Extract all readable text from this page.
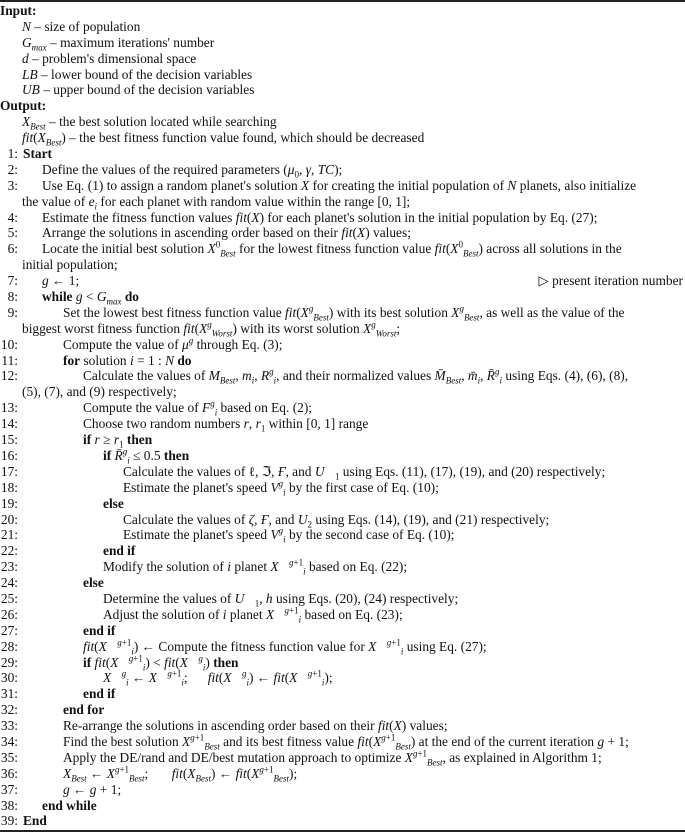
Input:
N – size of population
$G_{max}$ – maximum iterations' number
d – problem's dimensional space
LB – lower bound of the decision variables
UB – upper bound of the decision variables
Output:
$X_{Best}$ – the best solution located while searching
$fit(X_{Best})$ – the best fitness function value found, which should be decreased
1: Start
2: Define the values of the required parameters ($\mu_0$, γ, TC);
3: Use Eq. (1) to assign a random planet's solution X for creating the initial population of N planets, also initialize
the value of $e_i$ for each planet with random value within the range [0, 1];
4: Estimate the fitness function values fit(X) for each planet's solution in the initial population by Eq. (27);
5: Arrange the solutions in ascending order based on their fit(X) values;
6: Locate the initial best solution $X^0_{Best}$ for the lowest fitness function value $fit(X^0_{Best})$ across all solutions in the
initial population;
7: g ← 1;	▷ present iteration number
8: while $g < G_{max}$ do
9:	Set the lowest best fitness function value $fit(X^g_{Best})$ with its best solution $X^g_{Best}$, as well as the value of the
biggest worst fitness function $fit(X^g_{Worst})$ with its worst solution $X^g_{Worst}$;
10:	Compute the value of $\mu^g$ through Eq. (3);
11:	for solution i = 1 : N do
12:	Calculate the values of $M_{Best}$, $m_i$, $R^g_i$, and their normalized values $M̄_{Best}$, $m̄_i$, R̄$^g_i$ using Eqs. (4), (6), (8),
(5), (7), and (9) respectively;
13:	Compute the value of $F^g_i$ based on Eq. (2);
14:	Choose two random numbers r, $r_1$ within [0, 1] range
15:	if $r \ge r_1$ then
16:	if R̄$^g_i$ ≤ 0.5 then
17:	Calculate the values of ℓ, ℑ, Ғ, and $U⃗_1$ using Eqs. (11), (17), (19), and (20) respectively;
18:	Estimate the planet's speed $V^g_i$ by the first case of Eq. (10);
19:	else
20:	Calculate the values of ζ, Ғ, and $U_2$ using Eqs. (14), (19), and (21) respectively;
21:	Estimate the planet's speed $V^g_i$ by the second case of Eq. (10);
22:	end if
23:	Modify the solution of i planet X⃗$^{g+1}_i$ based on Eq. (22);
24:	else
25:	Determine the values of $U⃗_1$, h using Eqs. (20), (24) respectively;
26:	Adjust the solution of i planet X⃗$^{g+1}_i$ based on Eq. (23);
27:	end if
28:	fit(X⃗$^{g+1}_i$) ← Compute the fitness function value for X⃗$^{g+1}_i$ using Eq. (27);
29:	if fit(X⃗$^{g+1}_i$) < fit(X⃗$^g_i$) then
30:	X⃗$^g_i$ ← X⃗$^{g+1}_i$;      fit(X⃗$^g_i$) ← fit(X⃗$^{g+1}_i$);
31:	end if
32:	end for
33:	Re-arrange the solutions in ascending order based on their fit(X) values;
34:	Find the best solution $X^{g+1}_{Best}$ and its best fitness value $fit(X^{g+1}_{Best})$ at the end of the current iteration g + 1;
35:	Apply the DE/rand and DE/best mutation approach to optimize $X^{g+1}_{Best}$, as explained in Algorithm 1;
36:	$X_{Best}$ ← $X^{g+1}_{Best}$;       $fit(X_{Best})$ ← $fit(X^{g+1}_{Best})$;
37:	g ← g + 1;
38: end while
39: End
